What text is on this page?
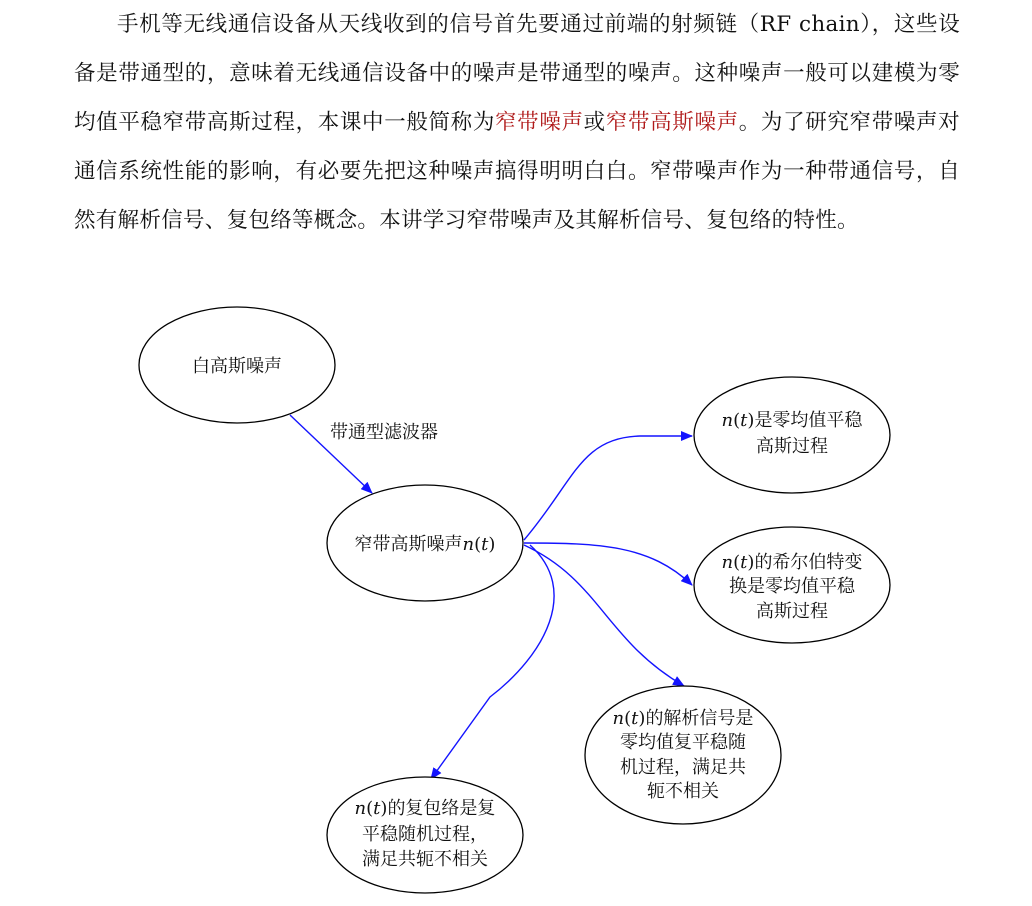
手机等无线通信设备从天线收到的信号首先要通过前端的射频链（RF chain），这些设备是带通型的，意味着无线通信设备中的噪声是带通型的噪声。这种噪声一般可以建模为零均值平稳窄带高斯过程，本课中一般简称为窄带噪声或窄带高斯噪声。为了研究窄带噪声对通信系统性能的影响，有必要先把这种噪声搞得明明白白。窄带噪声作为一种带通信号，自然有解析信号、复包络等概念。本讲学习窄带噪声及其解析信号、复包络的特性。

带通型滤波器
白高斯噪声
窄带高斯噪声n(t)
n(t)是零均值平稳
高斯过程
n(t)的希尔伯特变
换是零均值平稳
高斯过程
n(t)的解析信号是
零均值复平稳随
机过程，满足共
轭不相关
n(t)的复包络是复
平稳随机过程，
满足共轭不相关
